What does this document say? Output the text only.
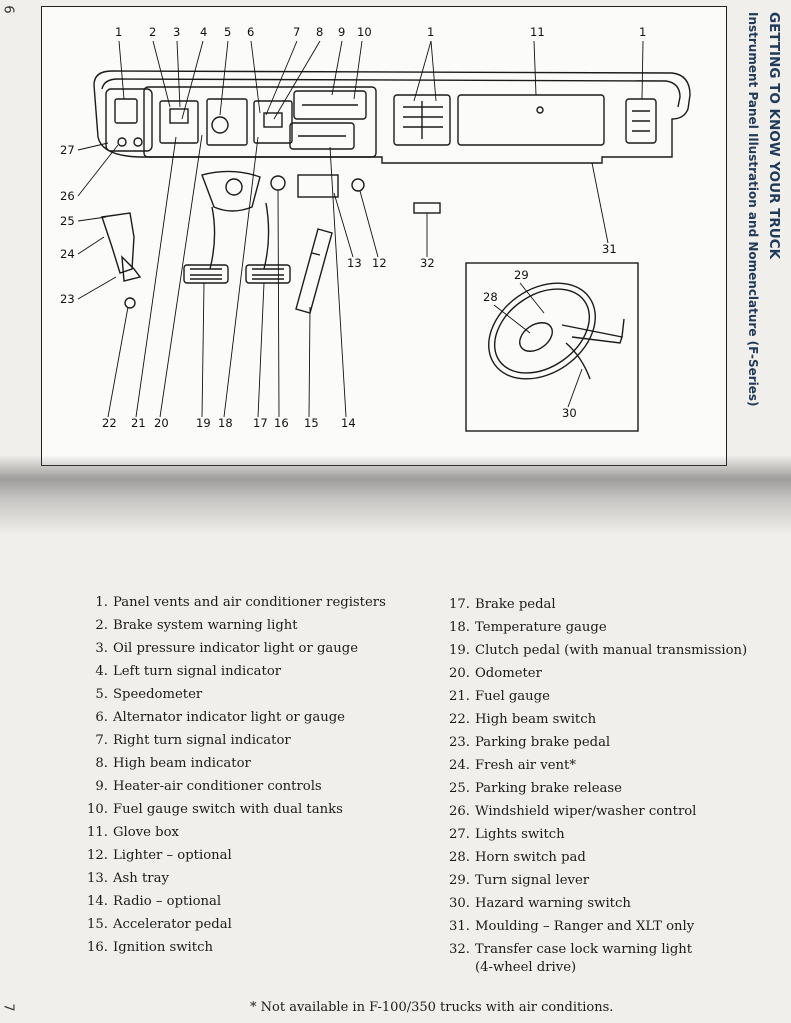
6
1 2 3 4 5 6	7 8 9 10	1	11	1
27
26
25
24
23
13 12	32
31
22 21 20 19 18 17 16 15 14
29
28
30
GETTING TO KNOW YOUR TRUCK
Instrument Panel Illustration and Nomenclature (F-Series)
1. Panel vents and air conditioner registers
2. Brake system warning light
3. Oil pressure indicator light or gauge
4. Left turn signal indicator
5. Speedometer
6. Alternator indicator light or gauge
7. Right turn signal indicator
8. High beam indicator
9. Heater-air conditioner controls
10. Fuel gauge switch with dual tanks
11. Glove box
12. Lighter – optional
13. Ash tray
14. Radio – optional
15. Accelerator pedal
16. Ignition switch
17. Brake pedal
18. Temperature gauge
19. Clutch pedal (with manual transmission)
20. Odometer
21. Fuel gauge
22. High beam switch
23. Parking brake pedal
24. Fresh air vent*
25. Parking brake release
26. Windshield wiper/washer control
27. Lights switch
28. Horn switch pad
29. Turn signal lever
30. Hazard warning switch
31. Moulding – Ranger and XLT only
32. Transfer case lock warning light
(4-wheel drive)
* Not available in F-100/350 trucks with air conditions.
7
